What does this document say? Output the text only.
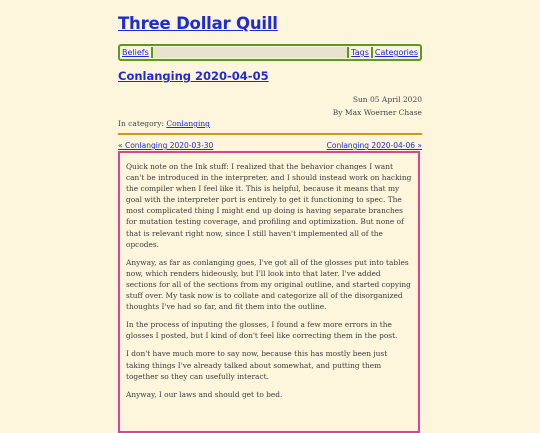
Three Dollar Quill
Beliefs	Tags Categories
Conlanging 2020-04-05
Sun 05 April 2020
By Max Woerner Chase
In category: Conlanging
« Conlanging 2020-03-30	Conlanging 2020-04-06 »

Quick note on the Ink stuff: I realized that the behavior changes I want can't be introduced in the interpreter, and I should instead work on hacking the compiler when I feel like it. This is helpful, because it means that my goal with the interpreter port is entirely to get it functioning to spec. The most complicated thing I might end up doing is having separate branches for mutation testing coverage, and profiling and optimization. But none of that is relevant right now, since I still haven't implemented all of the opcodes.

Anyway, as far as conlanging goes, I've got all of the glosses put into tables now, which renders hideously, but I'll look into that later. I've added sections for all of the sections from my original outline, and started copying stuff over. My task now is to collate and categorize all of the disorganized thoughts I've had so far, and fit them into the outline.

In the process of inputing the glosses, I found a few more errors in the glosses I posted, but I kind of don't feel like correcting them in the post.

I don't have much more to say now, because this has mostly been just taking things I've already talked about somewhat, and putting them together so they can usefully interact.

Anyway, I our laws and should get to bed.
